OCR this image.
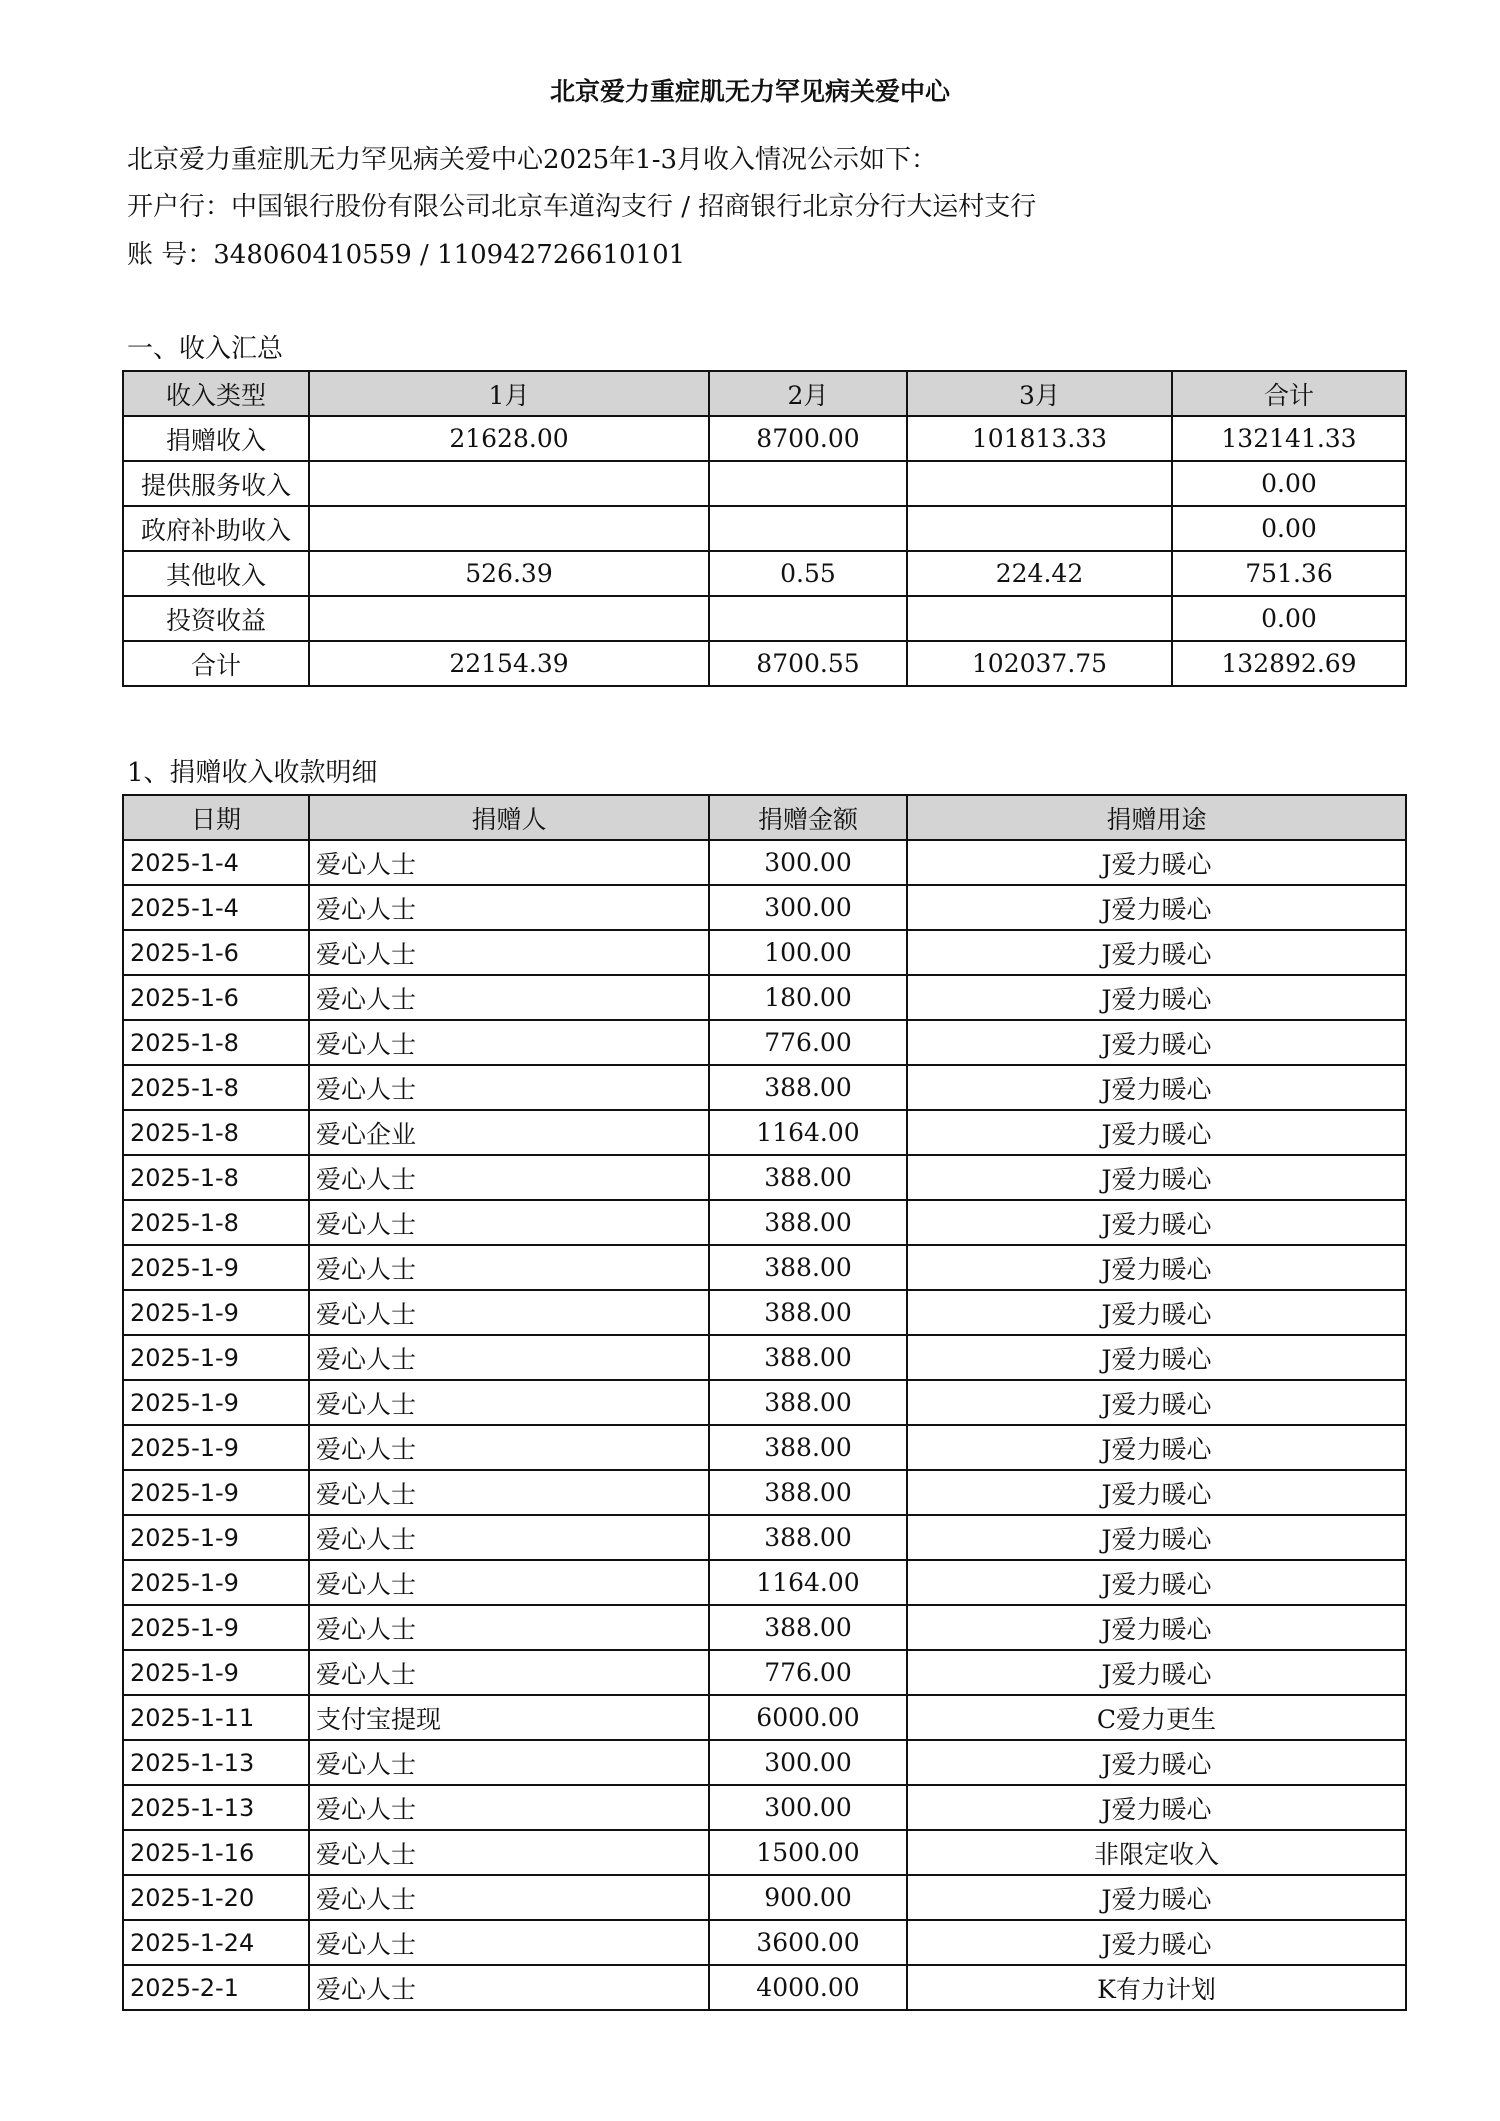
北京爱力重症肌无力罕见病关爱中心
北京爱力重症肌无力罕见病关爱中心2025年1-3月收入情况公示如下：
开户行：中国银行股份有限公司北京车道沟支行 / 招商银行北京分行大运村支行
账 号：348060410559 / 110942726610101
一、收入汇总
收入类型	1月	2月	3月	合计
捐赠收入	21628.00	8700.00	101813.33	132141.33
提供服务收入				0.00
政府补助收入				0.00
其他收入	526.39	0.55	224.42	751.36
投资收益				0.00
合计	22154.39	8700.55	102037.75	132892.69
1、捐赠收入收款明细
日期	捐赠人	捐赠金额	捐赠用途
2025-1-4	爱心人士	300.00	J爱力暖心
2025-1-4	爱心人士	300.00	J爱力暖心
2025-1-6	爱心人士	100.00	J爱力暖心
2025-1-6	爱心人士	180.00	J爱力暖心
2025-1-8	爱心人士	776.00	J爱力暖心
2025-1-8	爱心人士	388.00	J爱力暖心
2025-1-8	爱心企业	1164.00	J爱力暖心
2025-1-8	爱心人士	388.00	J爱力暖心
2025-1-8	爱心人士	388.00	J爱力暖心
2025-1-9	爱心人士	388.00	J爱力暖心
2025-1-9	爱心人士	388.00	J爱力暖心
2025-1-9	爱心人士	388.00	J爱力暖心
2025-1-9	爱心人士	388.00	J爱力暖心
2025-1-9	爱心人士	388.00	J爱力暖心
2025-1-9	爱心人士	388.00	J爱力暖心
2025-1-9	爱心人士	388.00	J爱力暖心
2025-1-9	爱心人士	1164.00	J爱力暖心
2025-1-9	爱心人士	388.00	J爱力暖心
2025-1-9	爱心人士	776.00	J爱力暖心
2025-1-11	支付宝提现	6000.00	C爱力更生
2025-1-13	爱心人士	300.00	J爱力暖心
2025-1-13	爱心人士	300.00	J爱力暖心
2025-1-16	爱心人士	1500.00	非限定收入
2025-1-20	爱心人士	900.00	J爱力暖心
2025-1-24	爱心人士	3600.00	J爱力暖心
2025-2-1	爱心人士	4000.00	K有力计划
